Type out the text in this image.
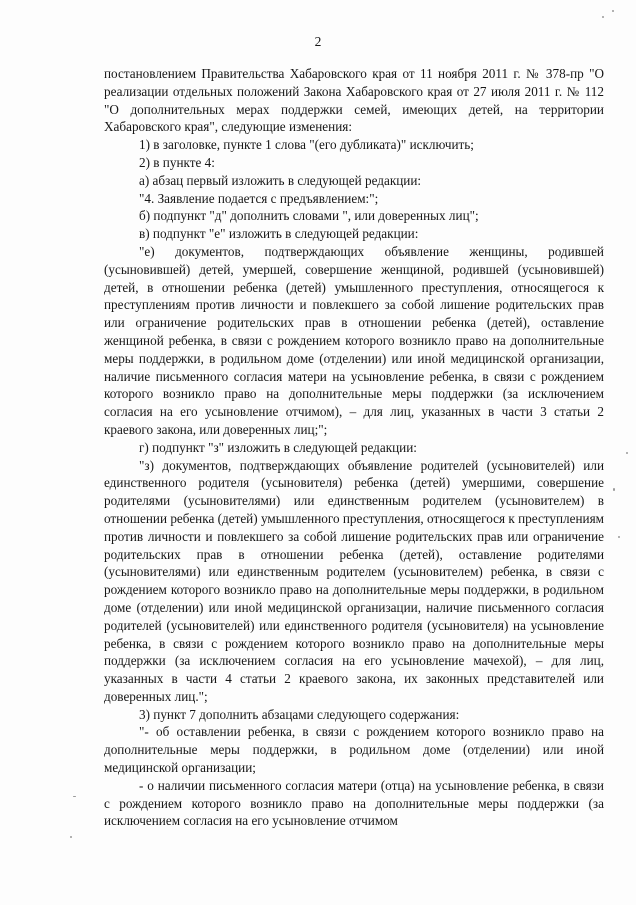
2

постановлением Правительства Хабаровского края от 11 ноября 2011 г. № 378-пр "О реализации отдельных положений Закона Хабаровского края от 27 июля 2011 г. № 112 "О дополнительных мерах поддержки семей, имеющих детей, на территории Хабаровского края", следующие изменения:

1) в заголовке, пункте 1 слова "(его дубликата)" исключить;

2) в пункте 4:

а) абзац первый изложить в следующей редакции:

"4. Заявление подается с предъявлением:";

б) подпункт "д" дополнить словами ", или доверенных лиц";

в) подпункт "е" изложить в следующей редакции:

"е) документов, подтверждающих объявление женщины, родившей (усыновившей) детей, умершей, совершение женщиной, родившей (усыновившей) детей, в отношении ребенка (детей) умышленного преступления, относящегося к преступлениям против личности и повлекшего за собой лишение родительских прав или ограничение родительских прав в отношении ребенка (детей), оставление женщиной ребенка, в связи с рождением которого возникло право на дополнительные меры поддержки, в родильном доме (отделении) или иной медицинской организации, наличие письменного согласия матери на усыновление ребенка, в связи с рождением которого возникло право на дополнительные меры поддержки (за исключением согласия на его усыновление отчимом), – для лиц, указанных в части 3 статьи 2 краевого закона, или доверенных лиц;";

г) подпункт "з" изложить в следующей редакции:

"з) документов, подтверждающих объявление родителей (усыновителей) или единственного родителя (усыновителя) ребенка (детей) умершими, совершение родителями (усыновителями) или единственным родителем (усыновителем) в отношении ребенка (детей) умышленного преступления, относящегося к преступлениям против личности и повлекшего за собой лишение родительских прав или ограничение родительских прав в отношении ребенка (детей), оставление родителями (усыновителями) или единственным родителем (усыновителем) ребенка, в связи с рождением которого возникло право на дополнительные меры поддержки, в родильном доме (отделении) или иной медицинской организации, наличие письменного согласия родителей (усыновителей) или единственного родителя (усыновителя) на усыновление ребенка, в связи с рождением которого возникло право на дополнительные меры поддержки (за исключением согласия на его усыновление мачехой), – для лиц, указанных в части 4 статьи 2 краевого закона, их законных представителей или доверенных лиц.";

3) пункт 7 дополнить абзацами следующего содержания:

"- об оставлении ребенка, в связи с рождением которого возникло право на дополнительные меры поддержки, в родильном доме (отделении) или иной медицинской организации;

- о наличии письменного согласия матери (отца) на усыновление ребенка, в связи с рождением которого возникло право на дополнительные меры поддержки (за исключением согласия на его усыновление отчимом
